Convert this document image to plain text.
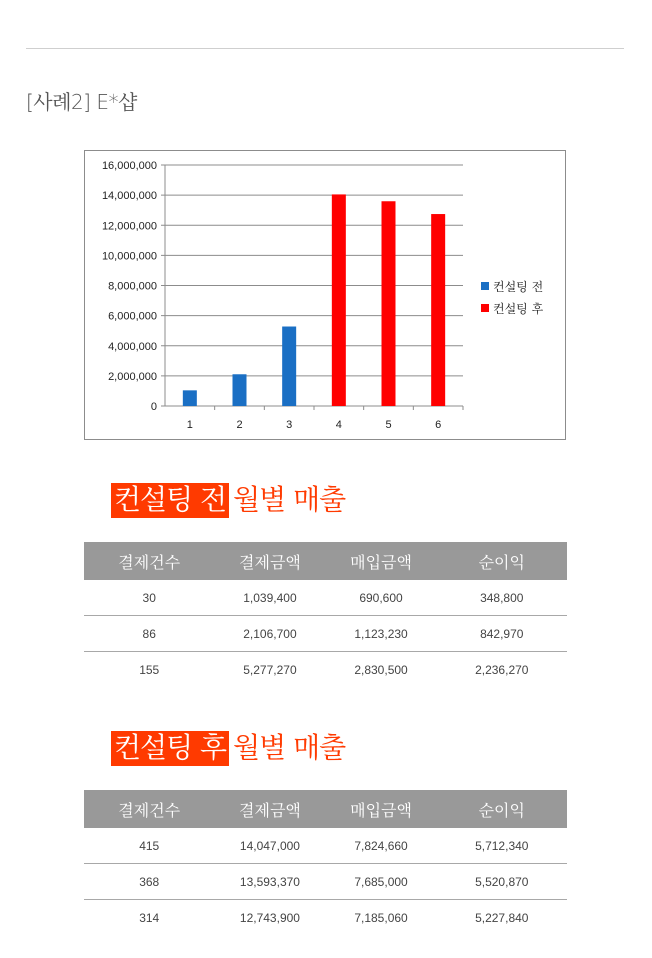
[사례2] E*샵
0
2,000,000
4,000,000
6,000,000
8,000,000
10,000,000
12,000,000
14,000,000
16,000,000
1	2	3	4	5	6
컨설팅 전
컨설팅 후
컨설팅 전 월별 매출
결제건수	결제금액	매입금액	순이익
30	1,039,400	690,600	348,800
86	2,106,700	1,123,230	842,970
155	5,277,270	2,830,500	2,236,270
컨설팅 후 월별 매출
결제건수	결제금액	매입금액	순이익
415	14,047,000	7,824,660	5,712,340
368	13,593,370	7,685,000	5,520,870
314	12,743,900	7,185,060	5,227,840
